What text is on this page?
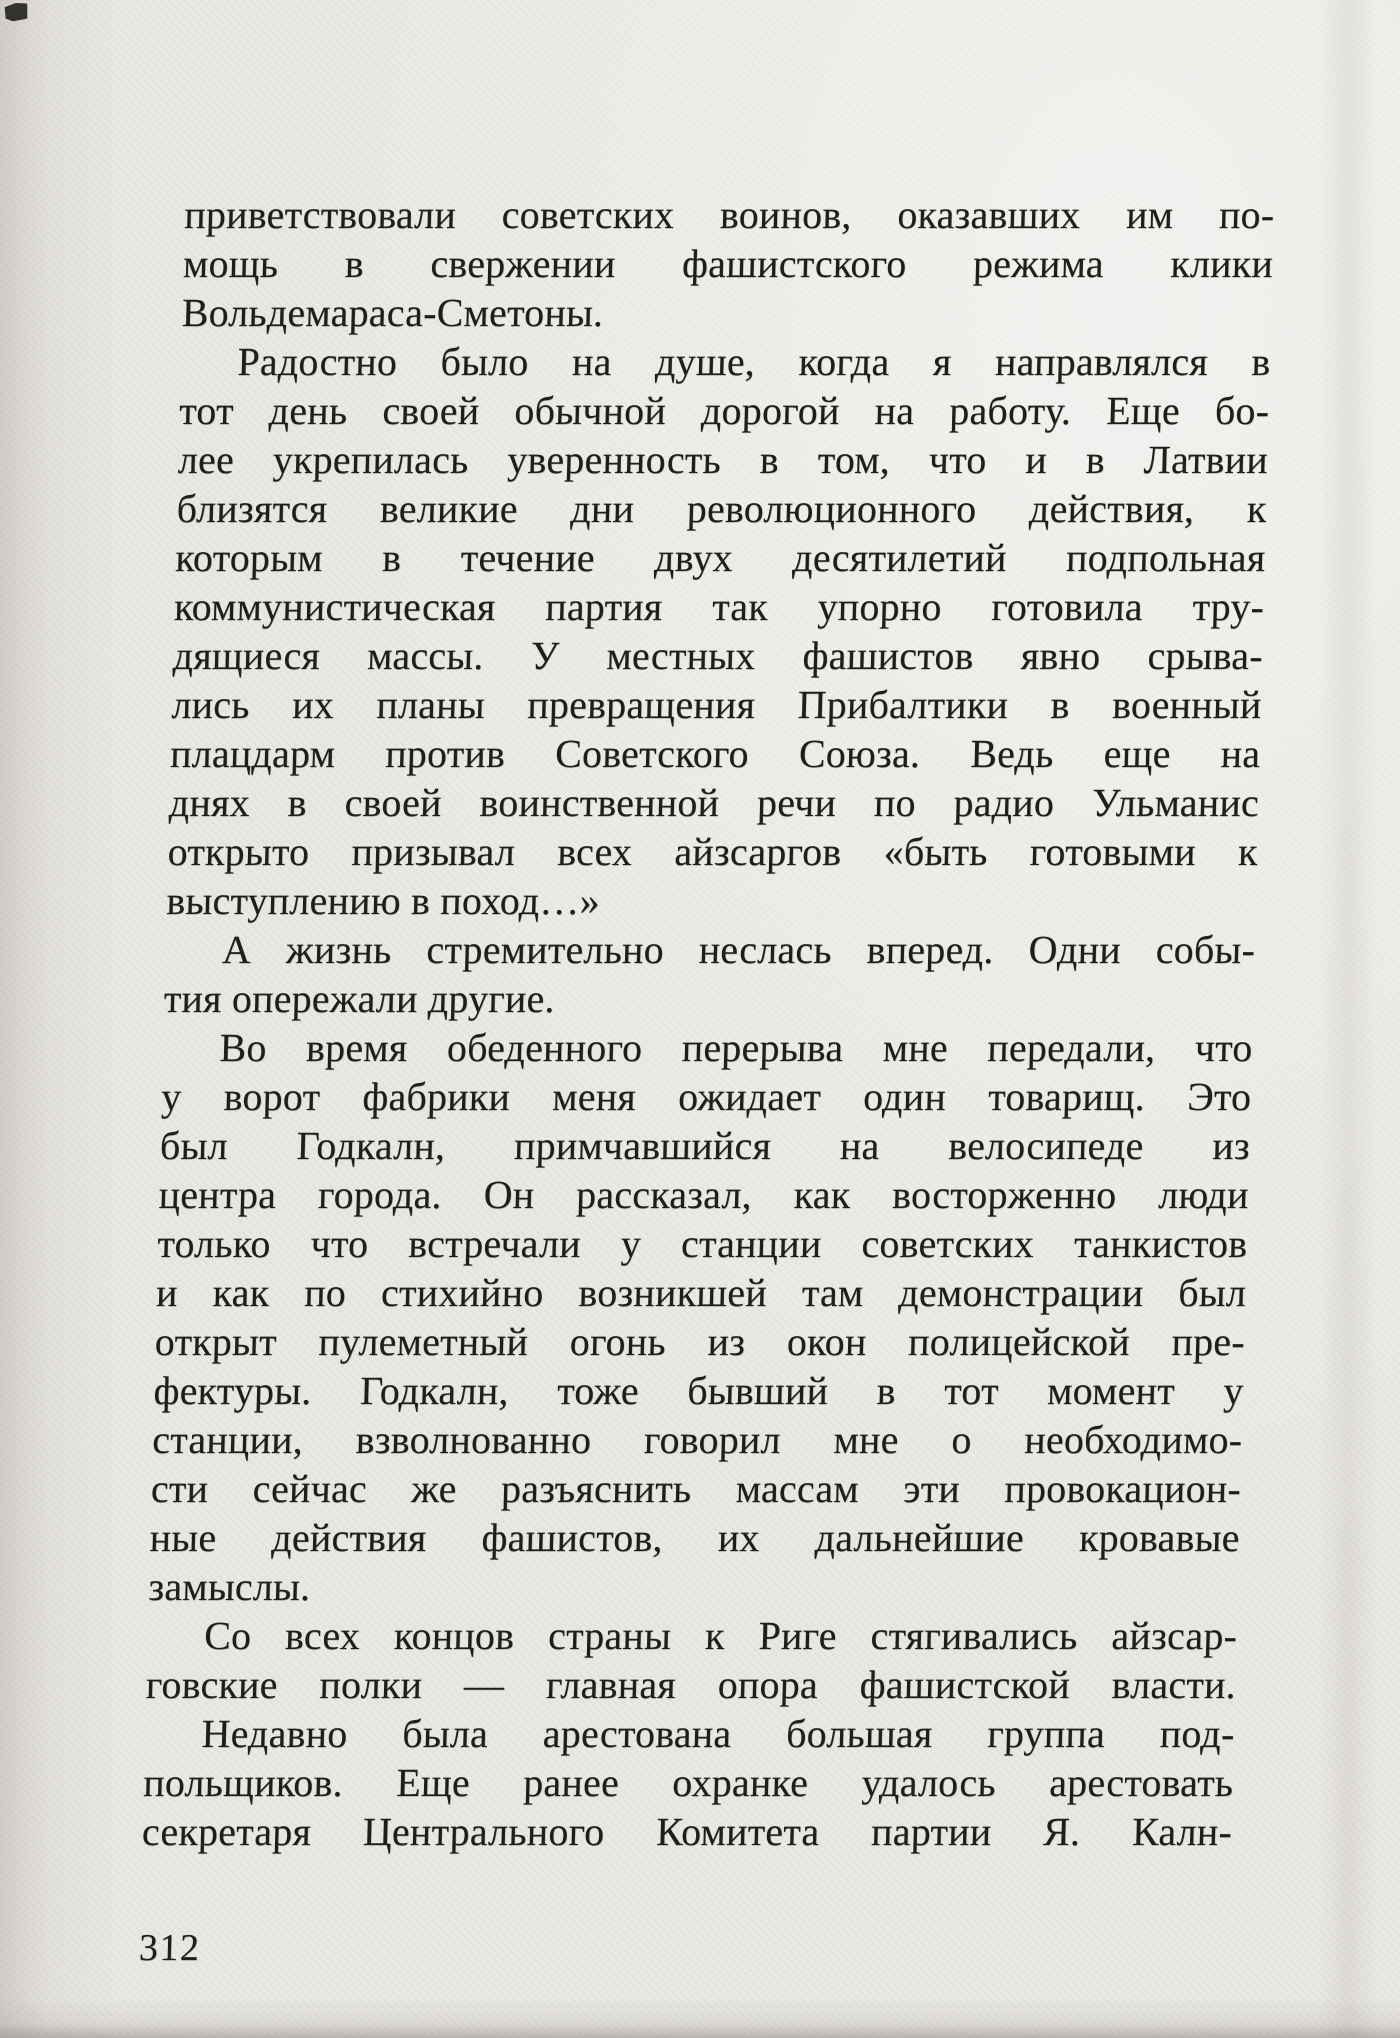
приветствовали советских воинов, оказавших им по-
мощь в свержении фашистского режима клики
Вольдемараса-Сметоны.
Радостно было на душе, когда я направлялся в
тот день своей обычной дорогой на работу. Еще бо-
лее укрепилась уверенность в том, что и в Латвии
близятся великие дни революционного действия, к
которым в течение двух десятилетий подпольная
коммунистическая партия так упорно готовила тру-
дящиеся массы. У местных фашистов явно срыва-
лись их планы превращения Прибалтики в военный
плацдарм против Советского Союза. Ведь еще на
днях в своей воинственной речи по радио Ульманис
открыто призывал всех айзсаргов «быть готовыми к
выступлению в поход…»
А жизнь стремительно неслась вперед. Одни собы-
тия опережали другие.
Во время обеденного перерыва мне передали, что
у ворот фабрики меня ожидает один товарищ. Это
был Годкалн, примчавшийся на велосипеде из
центра города. Он рассказал, как восторженно люди
только что встречали у станции советских танкистов
и как по стихийно возникшей там демонстрации был
открыт пулеметный огонь из окон полицейской пре-
фектуры. Годкалн, тоже бывший в тот момент у
станции, взволнованно говорил мне о необходимо-
сти сейчас же разъяснить массам эти провокацион-
ные действия фашистов, их дальнейшие кровавые
замыслы.
Со всех концов страны к Риге стягивались айзсар-
говские полки — главная опора фашистской власти.
Недавно была арестована большая группа под-
польщиков. Еще ранее охранке удалось арестовать
секретаря Центрального Комитета партии Я. Калн-
312
